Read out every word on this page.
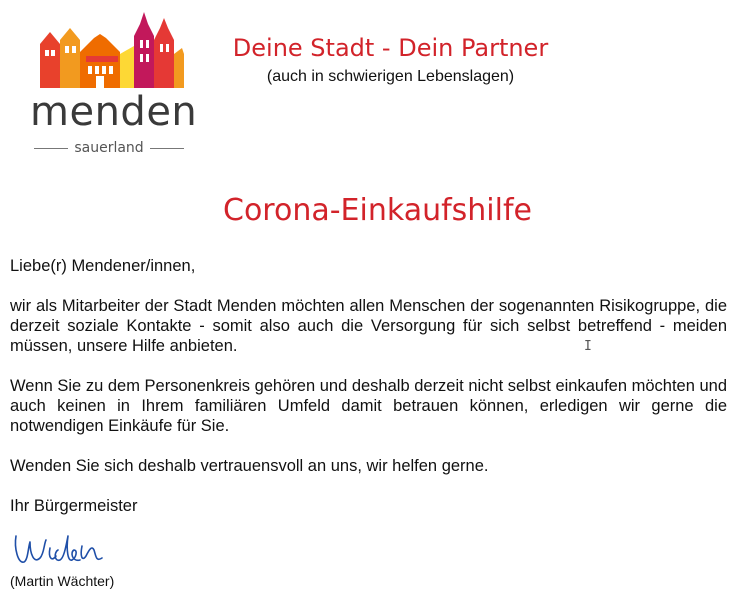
menden
sauerland
Deine Stadt - Dein Partner
(auch in schwierigen Lebenslagen)
Corona-Einkaufshilfe

Liebe(r) Mendener/innen,

wir als Mitarbeiter der Stadt Menden möchten allen Menschen der sogenannten Risikogruppe, die derzeit soziale Kontakte - somit also auch die Versorgung für sich selbst betreffend - meiden müssen, unsere Hilfe anbieten.

Wenn Sie zu dem Personenkreis gehören und deshalb derzeit nicht selbst einkaufen möchten und auch keinen in Ihrem familiären Umfeld damit betrauen können, erledigen wir gerne die notwendigen Einkäufe für Sie.

Wenden Sie sich deshalb vertrauensvoll an uns, wir helfen gerne.

Ihr Bürgermeister

(Martin Wächter)
I
